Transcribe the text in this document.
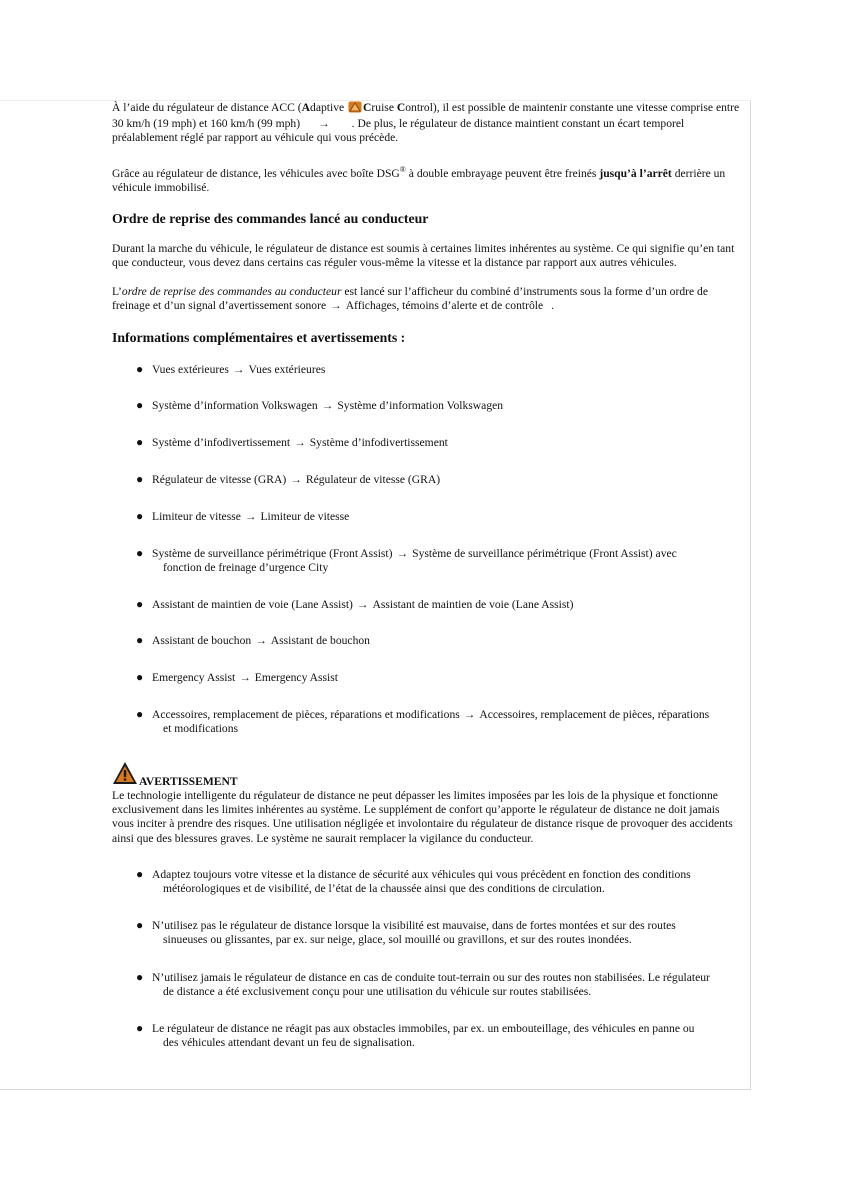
À l’aide du régulateur de distance ACC (Adaptive Cruise Control), il est possible de maintenir constante une vitesse comprise entre 30 km/h (19 mph) et 160 km/h (99 mph) → . De plus, le régulateur de distance maintient constant un écart temporel préalablement réglé par rapport au véhicule qui vous précède.

Grâce au régulateur de distance, les véhicules avec boîte DSG® à double embrayage peuvent être freinés jusqu’à l’arrêt derrière un véhicule immobilisé.

Ordre de reprise des commandes lancé au conducteur

Durant la marche du véhicule, le régulateur de distance est soumis à certaines limites inhérentes au système. Ce qui signifie qu’en tant que conducteur, vous devez dans certains cas réguler vous-même la vitesse et la distance par rapport aux autres véhicules.

L’ordre de reprise des commandes au conducteur est lancé sur l’afficheur du combiné d’instruments sous la forme d’un ordre de freinage et d’un signal d’avertissement sonore → Affichages, témoins d’alerte et de contrôle .

Informations complémentaires et avertissements :

● Vues extérieures → Vues extérieures
● Système d’information Volkswagen → Système d’information Volkswagen
● Système d’infodivertissement → Système d’infodivertissement
● Régulateur de vitesse (GRA) → Régulateur de vitesse (GRA)
● Limiteur de vitesse → Limiteur de vitesse
● Système de surveillance périmétrique (Front Assist) → Système de surveillance périmétrique (Front Assist) avec
fonction de freinage d’urgence City
● Assistant de maintien de voie (Lane Assist) → Assistant de maintien de voie (Lane Assist)
● Assistant de bouchon → Assistant de bouchon
● Emergency Assist → Emergency Assist
● Accessoires, remplacement de pièces, réparations et modifications → Accessoires, remplacement de pièces, réparations
et modifications
AVERTISSEMENT

Le technologie intelligente du régulateur de distance ne peut dépasser les limites imposées par les lois de la physique et fonctionne exclusivement dans les limites inhérentes au système. Le supplément de confort qu’apporte le régulateur de distance ne doit jamais vous inciter à prendre des risques. Une utilisation négligée et involontaire du régulateur de distance risque de provoquer des accidents ainsi que des blessures graves. Le système ne saurait remplacer la vigilance du conducteur.

● Adaptez toujours votre vitesse et la distance de sécurité aux véhicules qui vous précèdent en fonction des conditions
météorologiques et de visibilité, de l’état de la chaussée ainsi que des conditions de circulation.
● N’utilisez pas le régulateur de distance lorsque la visibilité est mauvaise, dans de fortes montées et sur des routes
sinueuses ou glissantes, par ex. sur neige, glace, sol mouillé ou gravillons, et sur des routes inondées.
● N’utilisez jamais le régulateur de distance en cas de conduite tout-terrain ou sur des routes non stabilisées. Le régulateur
de distance a été exclusivement conçu pour une utilisation du véhicule sur routes stabilisées.
● Le régulateur de distance ne réagit pas aux obstacles immobiles, par ex. un embouteillage, des véhicules en panne ou
des véhicules attendant devant un feu de signalisation.
